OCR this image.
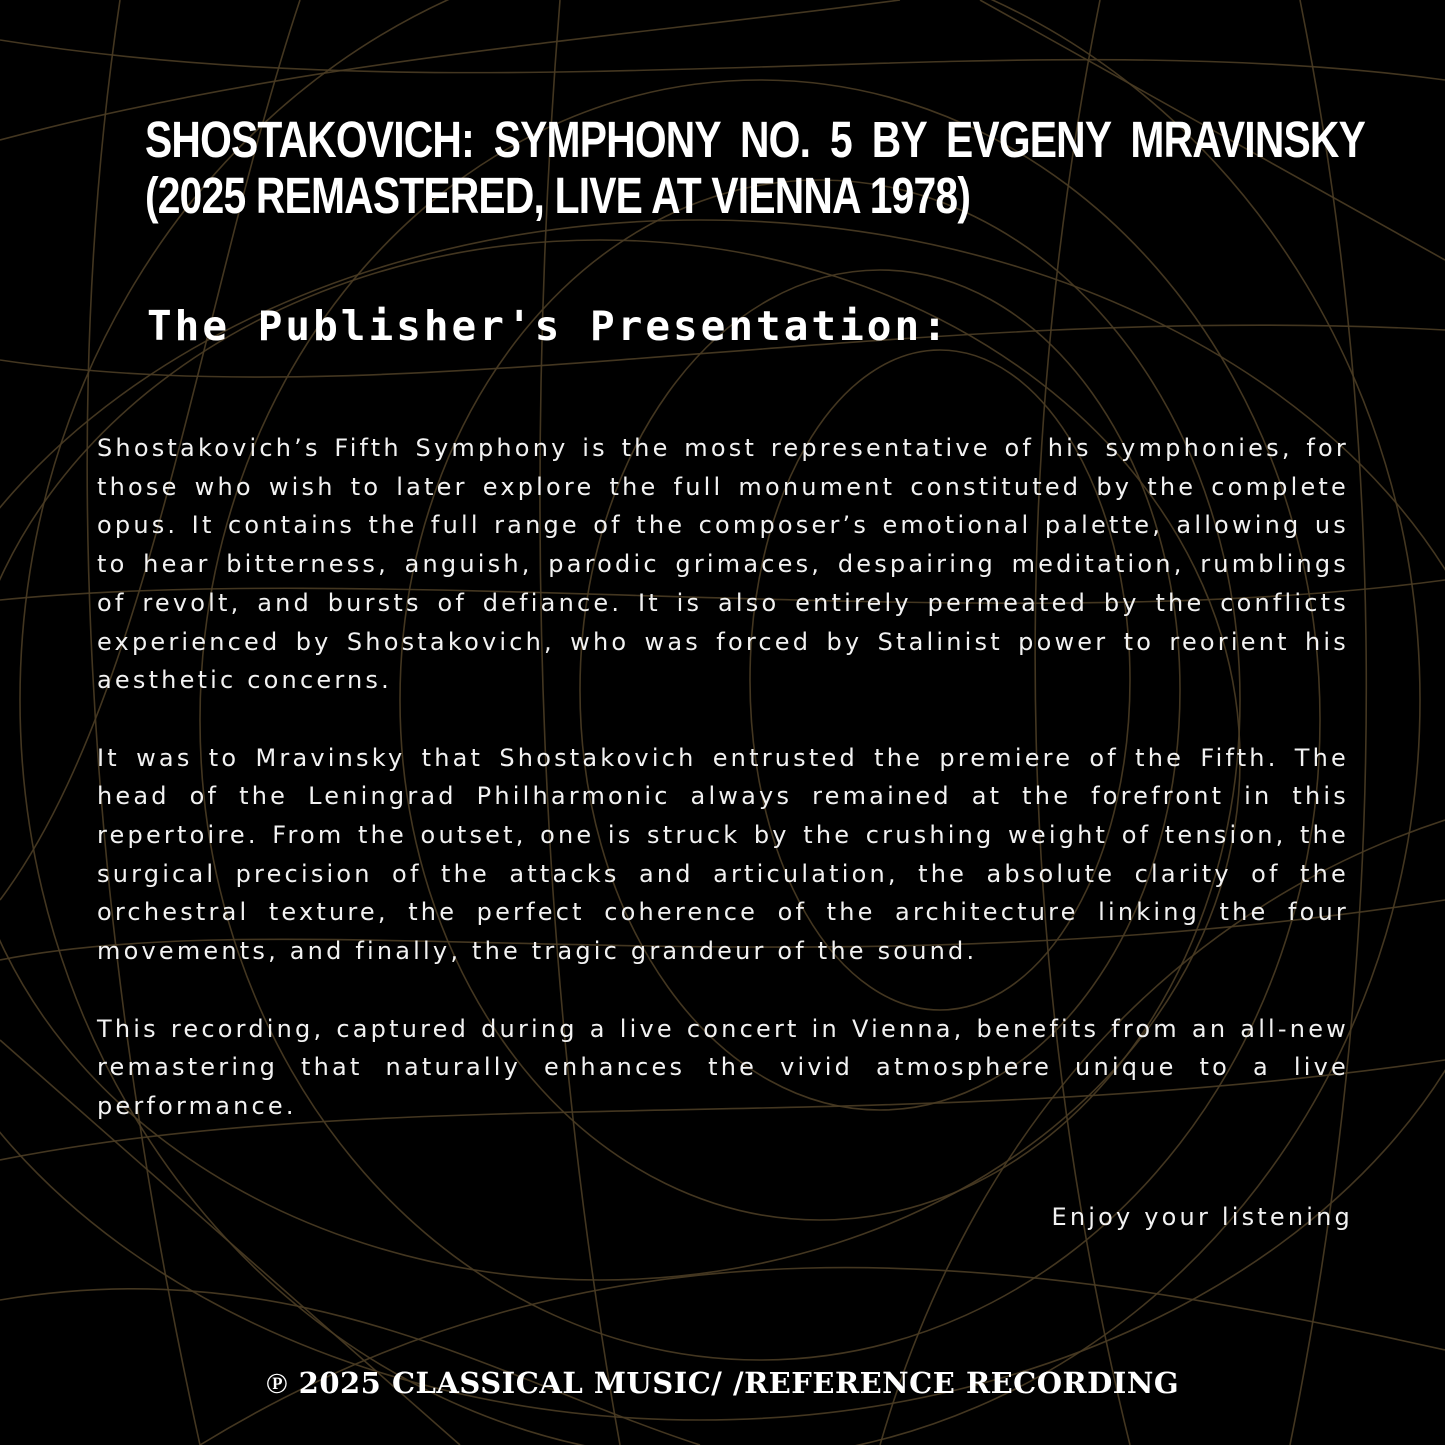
SHOSTAKOVICH: SYMPHONY NO. 5 BY EVGENY MRAVINSKY
(2025 REMASTERED, LIVE AT VIENNA 1978)
The Publisher's Presentation:

Shostakovich’s Fifth Symphony is the most representative of his symphonies, for those who wish to later explore the full monument constituted by the complete opus. It contains the full range of the composer’s emotional palette, allowing us to hear bitterness, anguish, parodic grimaces, despairing meditation, rumblings of revolt, and bursts of defiance. It is also entirely permeated by the conflicts experienced by Shostakovich, who was forced by Stalinist power to reorient his aesthetic concerns.

It was to Mravinsky that Shostakovich entrusted the premiere of the Fifth. The head of the Leningrad Philharmonic always remained at the forefront in this repertoire. From the outset, one is struck by the crushing weight of tension, the surgical precision of the attacks and articulation, the absolute clarity of the orchestral texture, the perfect coherence of the architecture linking the four movements, and finally, the tragic grandeur of the sound.

This recording, captured during a live concert in Vienna, benefits from an all-new remastering that naturally enhances the vivid atmosphere unique to a live performance.

Enjoy your listening
℗ 2025 CLASSICAL MUSIC/ /REFERENCE RECORDING
